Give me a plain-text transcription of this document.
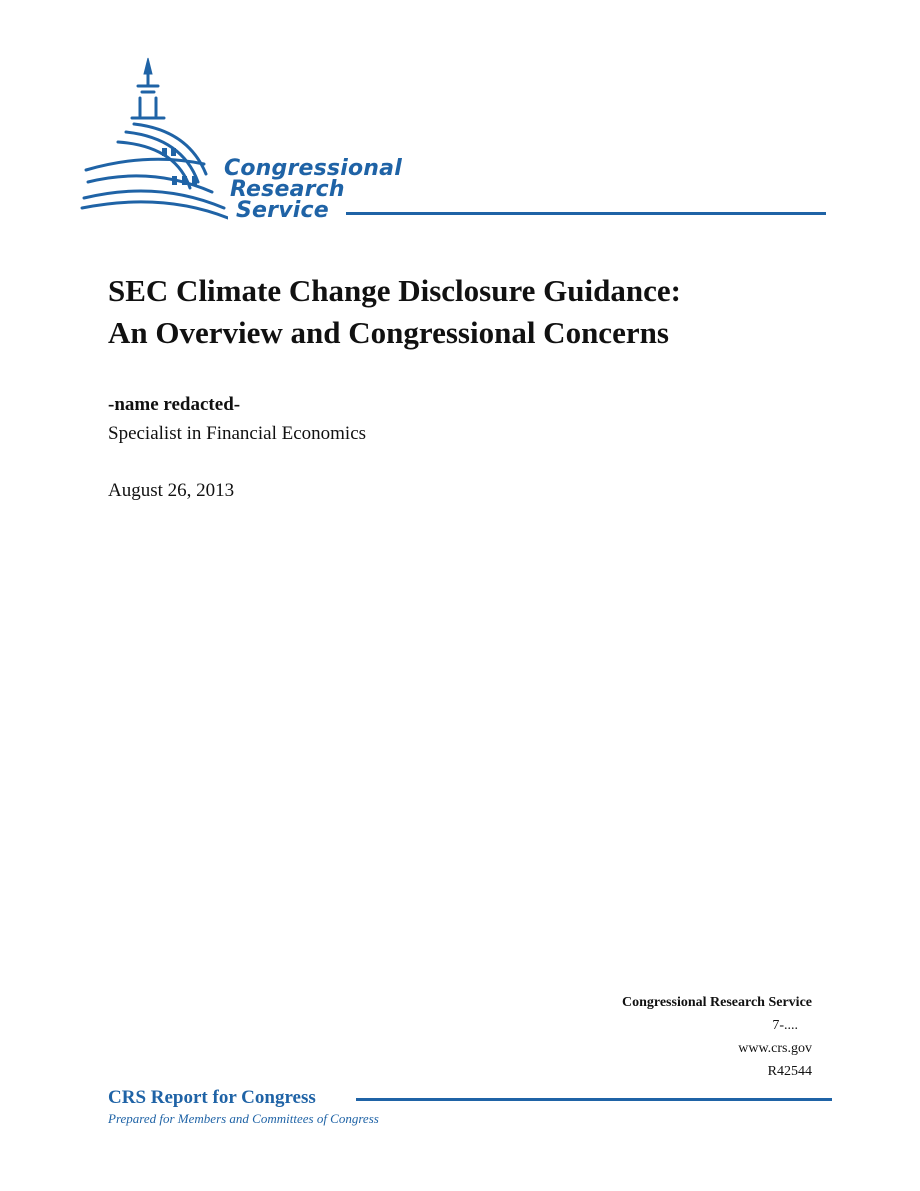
Congressional
Research
Service
SEC Climate Change Disclosure Guidance:
An Overview and Congressional Concerns
-name redacted-
Specialist in Financial Economics
August 26, 2013
Congressional Research Service
7-....
www.crs.gov
R42544
CRS Report for Congress
Prepared for Members and Committees of Congress
